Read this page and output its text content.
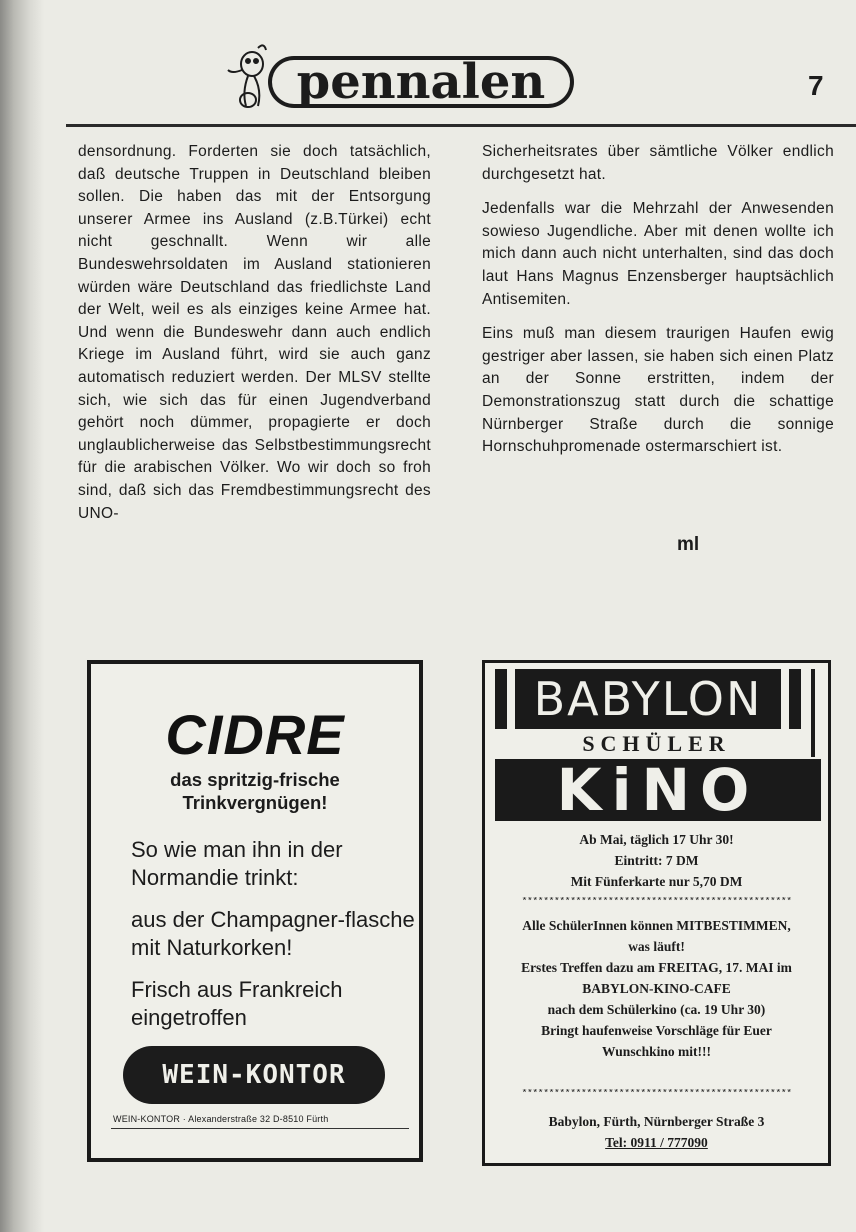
pennalen	7

densordnung. Forderten sie doch tatsächlich, daß deutsche Truppen in Deutschland bleiben sollen. Die haben das mit der Entsorgung unserer Armee ins Ausland (z.B.Türkei) echt nicht geschnallt. Wenn wir alle Bundeswehrsoldaten im Ausland stationieren würden wäre Deutschland das friedlichste Land der Welt, weil es als einziges keine Armee hat. Und wenn die Bundeswehr dann auch endlich Kriege im Ausland führt, wird sie auch ganz automatisch reduziert werden. Der MLSV stellte sich, wie sich das für einen Jugendverband gehört noch dümmer, propagierte er doch unglaublicherweise das Selbstbestimmungsrecht für die arabischen Völker. Wo wir doch so froh sind, daß sich das Fremdbestimmungsrecht des UNO-

Sicherheitsrates über sämtliche Völker endlich durchgesetzt hat.

Jedenfalls war die Mehrzahl der Anwesenden sowieso Jugendliche. Aber mit denen wollte ich mich dann auch nicht unterhalten, sind das doch laut Hans Magnus Enzensberger hauptsächlich Antisemiten.

Eins muß man diesem traurigen Haufen ewig gestriger aber lassen, sie haben sich einen Platz an der Sonne erstritten, indem der Demonstrationszug statt durch die schattige Nürnberger Straße durch die sonnige Hornschuhpromenade ostermarschiert ist.

ml
CIDRE
das spritzig-frische
Trinkvergnügen!
So wie man ihn in der Normandie trinkt:
aus der Champagner-flasche mit Naturkorken!
Frisch aus Frankreich eingetroffen
WEIN-KONTOR
WEIN-KONTOR · Alexanderstraße 32 D-8510 Fürth
BABYLON
SCHÜLER
KiNO
Ab Mai, täglich 17 Uhr 30!
Eintritt: 7 DM
Mit Fünferkarte nur 5,70 DM
**************************************************
Alle SchülerInnen können MITBESTIMMEN,
was läuft!
Erstes Treffen dazu am FREITAG, 17. MAI im
BABYLON-KINO-CAFE
nach dem Schülerkino (ca. 19 Uhr 30)
Bringt haufenweise Vorschläge für Euer
Wunschkino mit!!!
**************************************************
Babylon, Fürth, Nürnberger Straße 3
Tel: 0911 / 777090
